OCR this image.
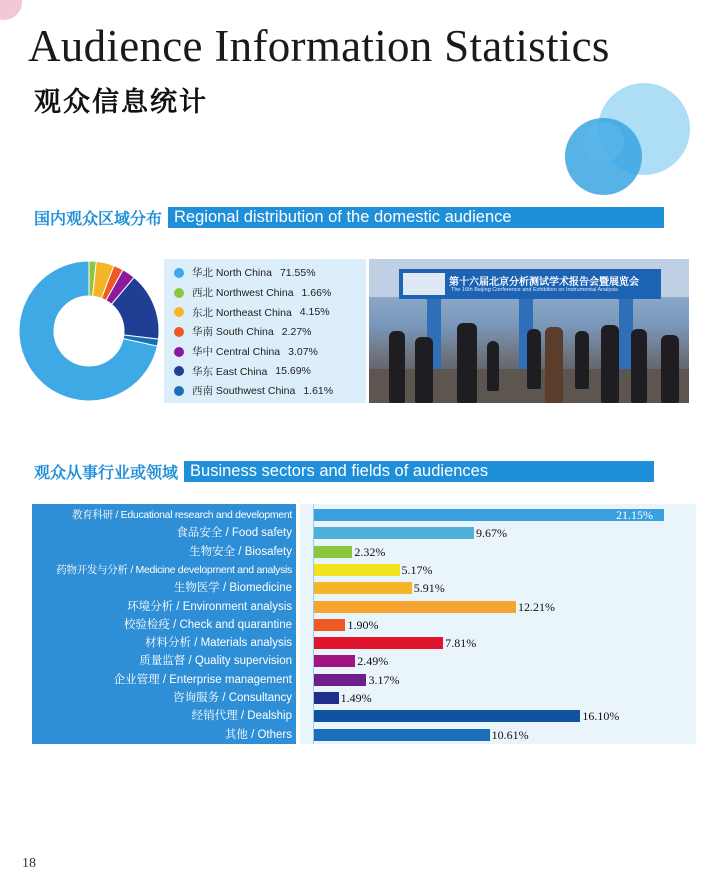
Audience Information Statistics
观众信息统计
国内观众区域分布 Regional distribution of the domestic audience
华北 North China 71.55%
西北 Northwest China 1.66%
东北 Northeast China 4.15%
华南 South China 2.27%
华中 Central China 3.07%
华东 East China 15.69%
西南 Southwest China 1.61%
第十六届北京分析测试学术报告会暨展览会
The 16th Beijing Conference and Exhibition on Instrumental Analysis
观众从事行业或领域 Business sectors and fields of audiences
教育科研 / Educational research and development	21.15%
食品安全 / Food safety	9.67%
生物安全 / Biosafety	2.32%
药物开发与分析 / Medicine development and analysis	5.17%
生物医学 / Biomedicine	5.91%
环境分析 / Environment analysis	12.21%
校验检疫 / Check and quarantine	1.90%
材料分析 / Materials analysis	7.81%
质量监督 / Quality supervision	2.49%
企业管理 / Enterprise management	3.17%
咨询服务 / Consultancy	1.49%
经销代理 / Dealship	16.10%
其他 / Others	10.61%
18
